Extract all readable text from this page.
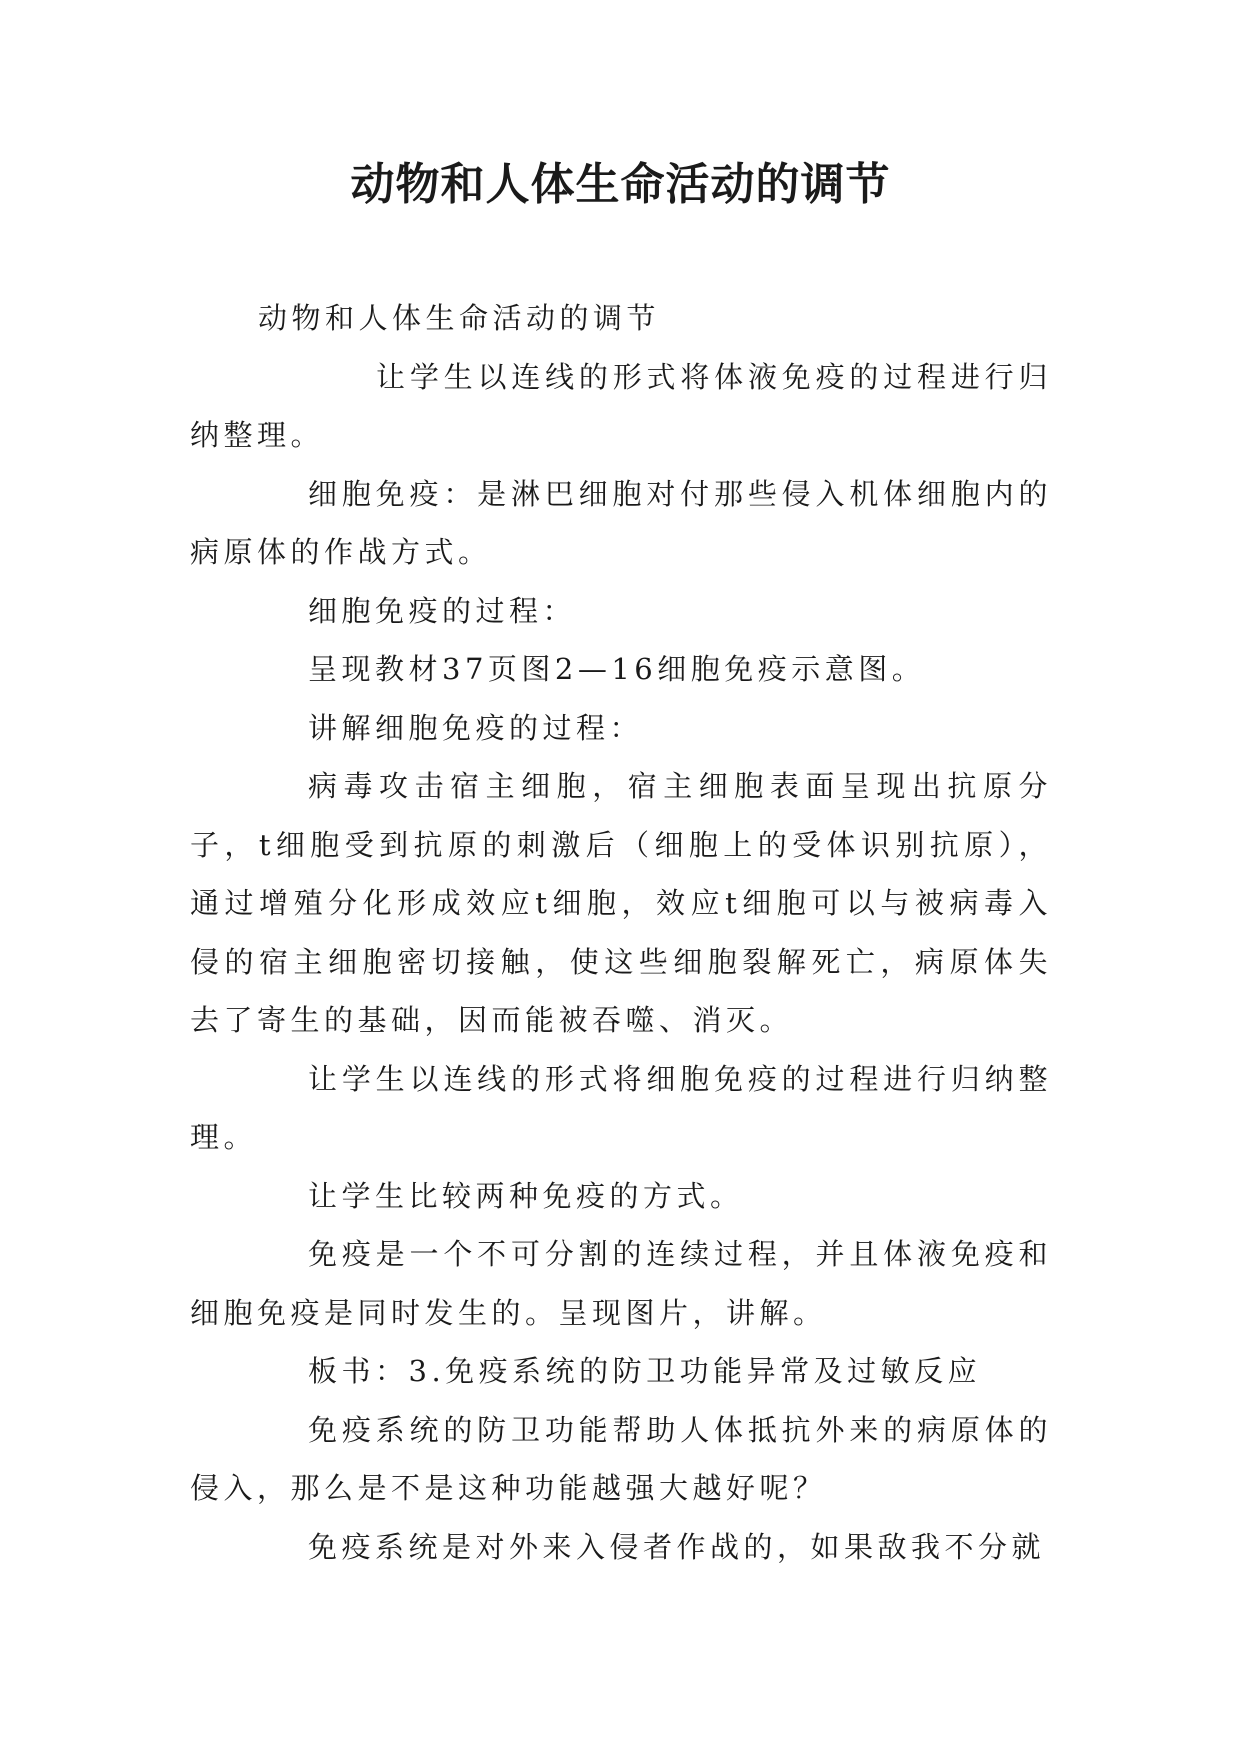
动物和人体生命活动的调节

动物和人体生命活动的调节

让学生以连线的形式将体液免疫的过程进行归纳整理。

细胞免疫：是淋巴细胞对付那些侵入机体细胞内的病原体的作战方式。

细胞免疫的过程：

呈现教材37页图2—16细胞免疫示意图。

讲解细胞免疫的过程：

病毒攻击宿主细胞，宿主细胞表面呈现出抗原分子，t细胞受到抗原的刺激后（细胞上的受体识别抗原），通过增殖分化形成效应t细胞，效应t细胞可以与被病毒入侵的宿主细胞密切接触，使这些细胞裂解死亡，病原体失去了寄生的基础，因而能被吞噬、消灭。

让学生以连线的形式将细胞免疫的过程进行归纳整理。

让学生比较两种免疫的方式。

免疫是一个不可分割的连续过程，并且体液免疫和细胞免疫是同时发生的。呈现图片，讲解。

板书：3.免疫系统的防卫功能异常及过敏反应

免疫系统的防卫功能帮助人体抵抗外来的病原体的侵入，那么是不是这种功能越强大越好呢？

免疫系统是对外来入侵者作战的，如果敌我不分就
